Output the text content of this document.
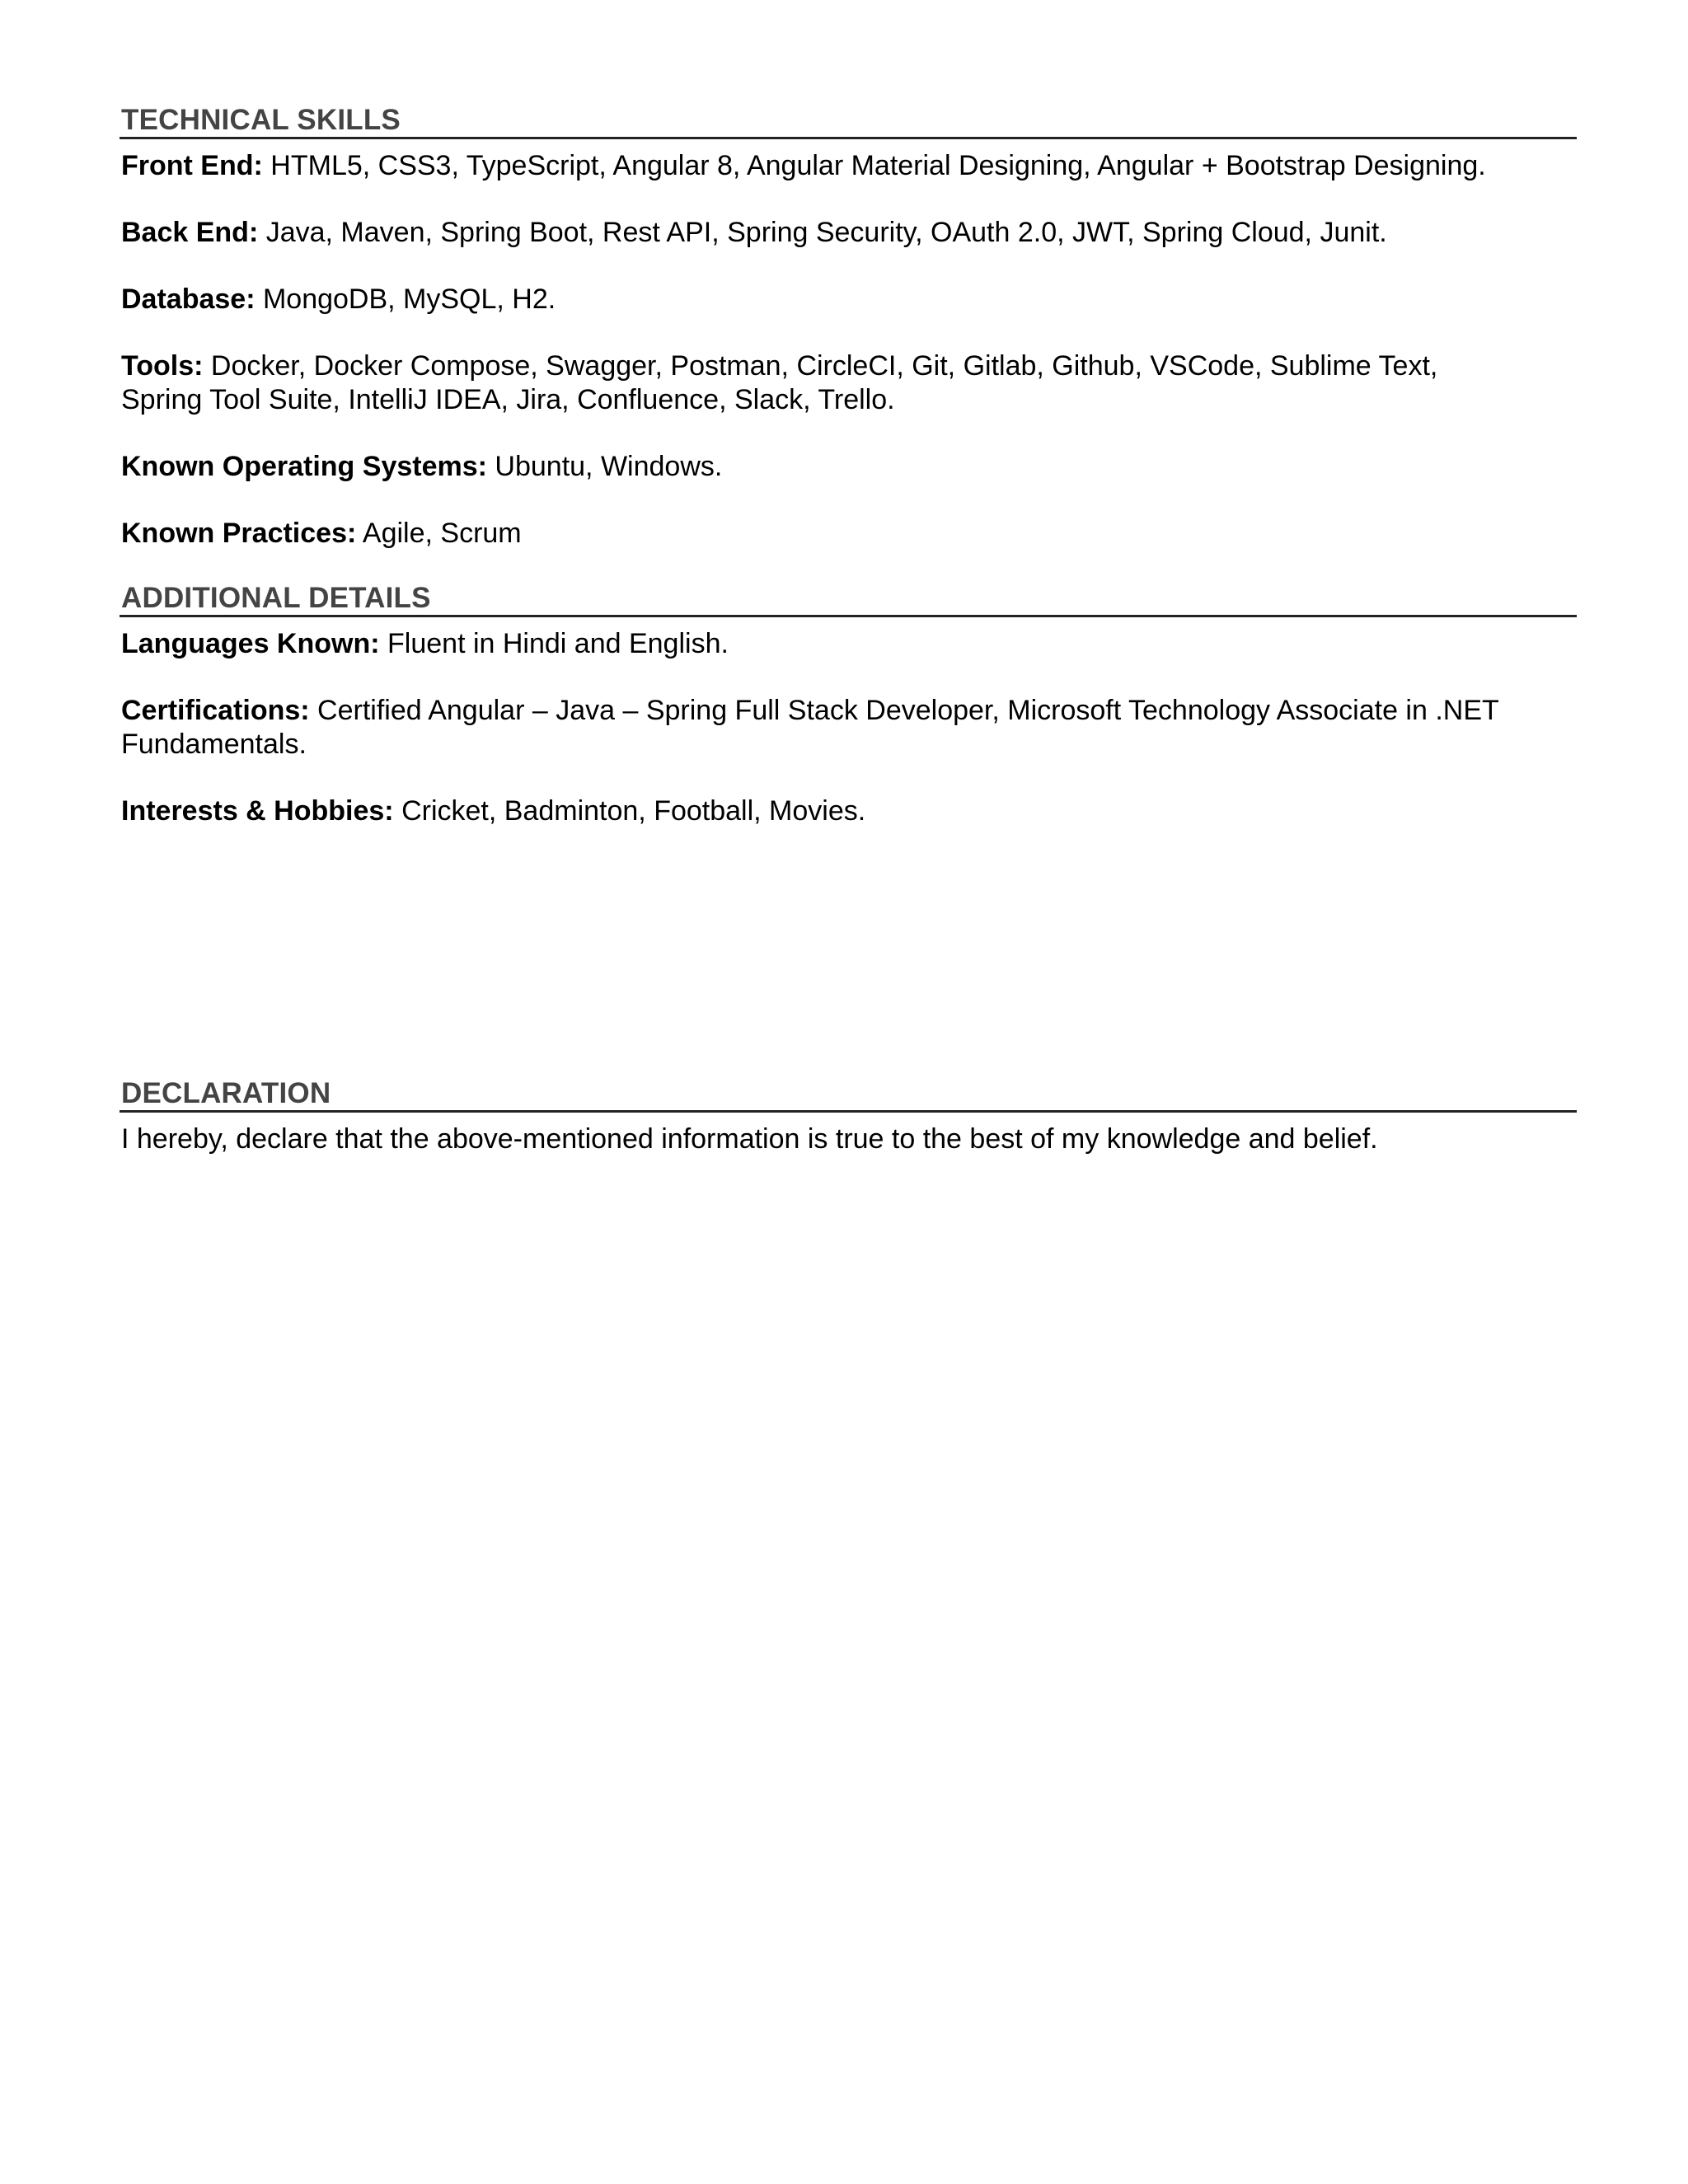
TECHNICAL SKILLS

Front End: HTML5, CSS3, TypeScript, Angular 8, Angular Material Designing, Angular + Bootstrap Designing.

Back End: Java, Maven, Spring Boot, Rest API, Spring Security, OAuth 2.0, JWT, Spring Cloud, Junit.

Database: MongoDB, MySQL, H2.

Tools: Docker, Docker Compose, Swagger, Postman, CircleCI, Git, Gitlab, Github, VSCode, Sublime Text,
Spring Tool Suite, IntelliJ IDEA, Jira, Confluence, Slack, Trello.

Known Operating Systems: Ubuntu, Windows.

Known Practices: Agile, Scrum

ADDITIONAL DETAILS

Languages Known: Fluent in Hindi and English.

Certifications: Certified Angular – Java – Spring Full Stack Developer, Microsoft Technology Associate in .NET
Fundamentals.

Interests & Hobbies: Cricket, Badminton, Football, Movies.

DECLARATION

I hereby, declare that the above-mentioned information is true to the best of my knowledge and belief.
